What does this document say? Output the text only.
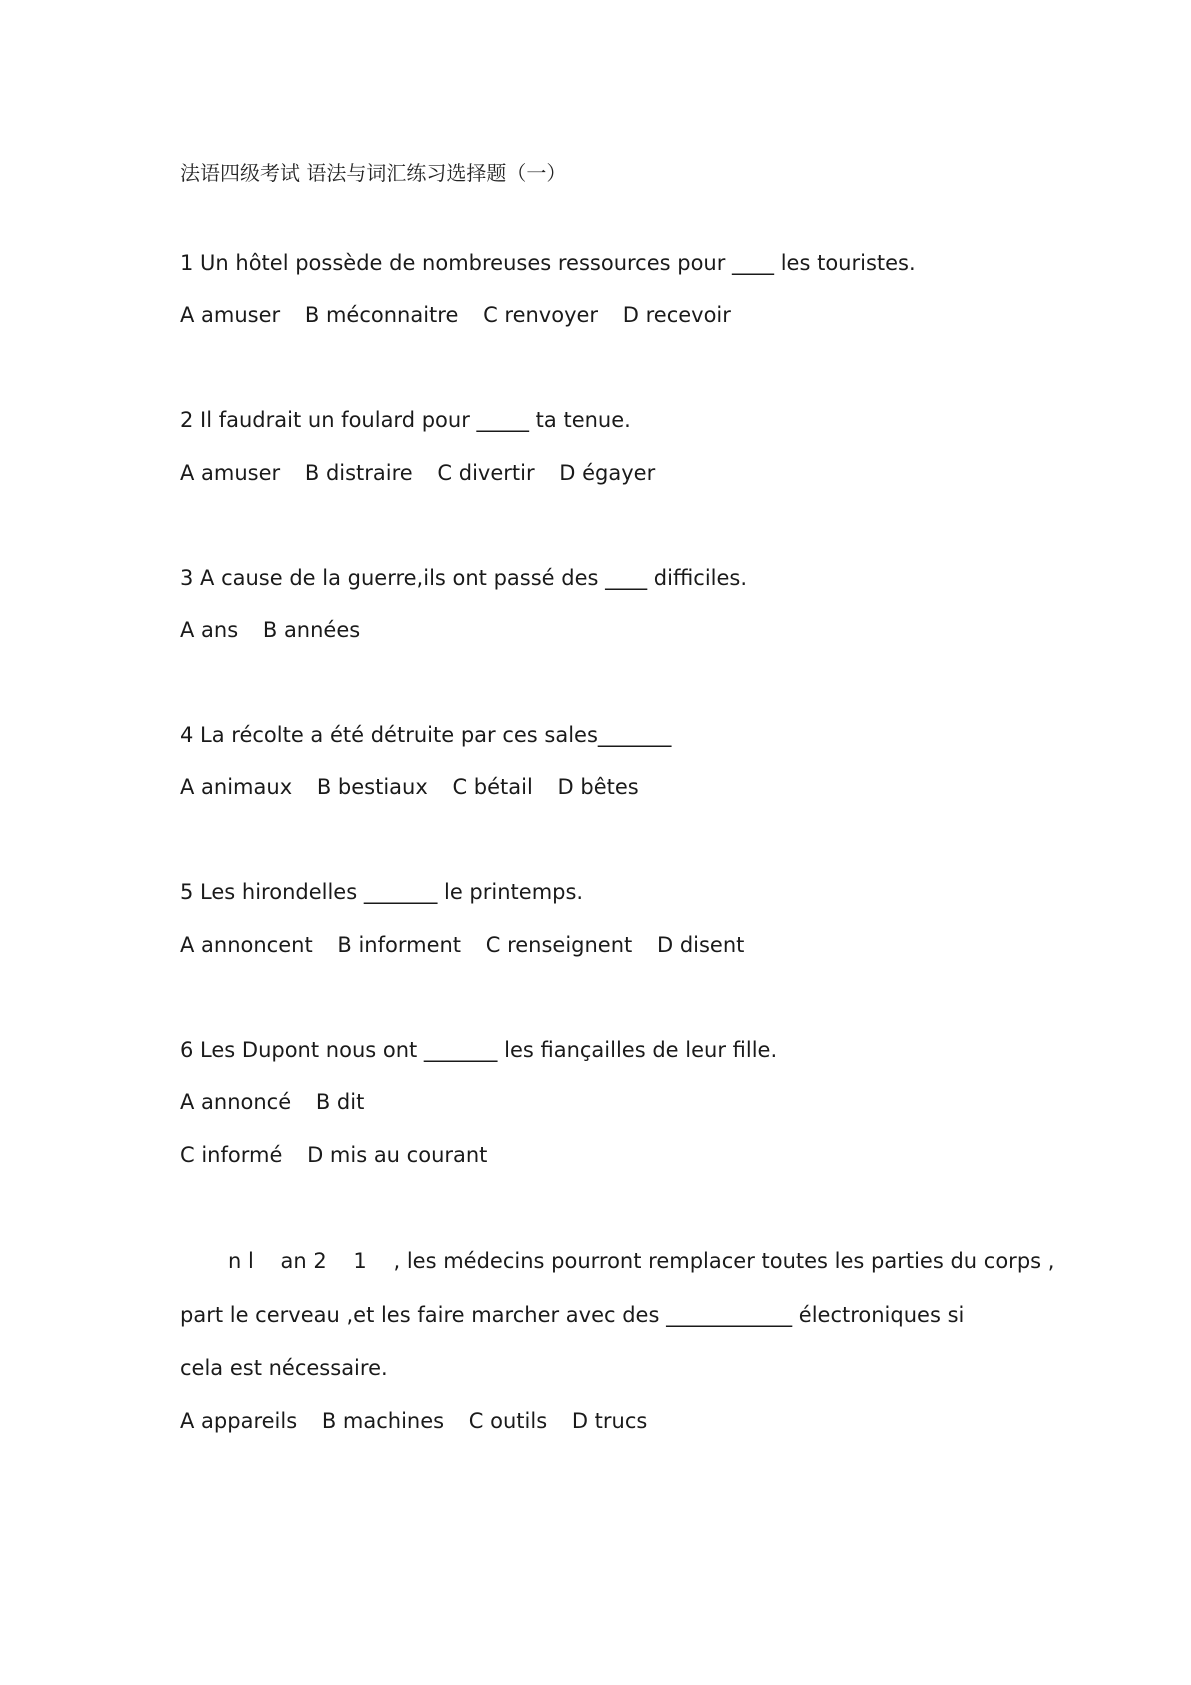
法语四级考试 语法与词汇练习选择题（一）
1 Un hôtel possède de nombreuses ressources pour ____ les touristes.
A amuser B méconnaitre C renvoyer D recevoir
2 Il faudrait un foulard pour _____ ta tenue.
A amuser B distraire C divertir D égayer
3 A cause de la guerre,ils ont passé des ____ difficiles.
A ans B années
4 La récolte a été détruite par ces sales_______
A animaux B bestiaux C bétail D bêtes
5 Les hirondelles _______ le printemps.
A annoncent B informent C renseignent D disent
6 Les Dupont nous ont _______ les fiançailles de leur fille.
A annoncé B dit
C informé D mis au courant
n l    an 2    1    , les médecins pourront remplacer toutes les parties du corps ,
part le cerveau ,et les faire marcher avec des ____________ électroniques si
cela est nécessaire.
A appareils B machines C outils D trucs
